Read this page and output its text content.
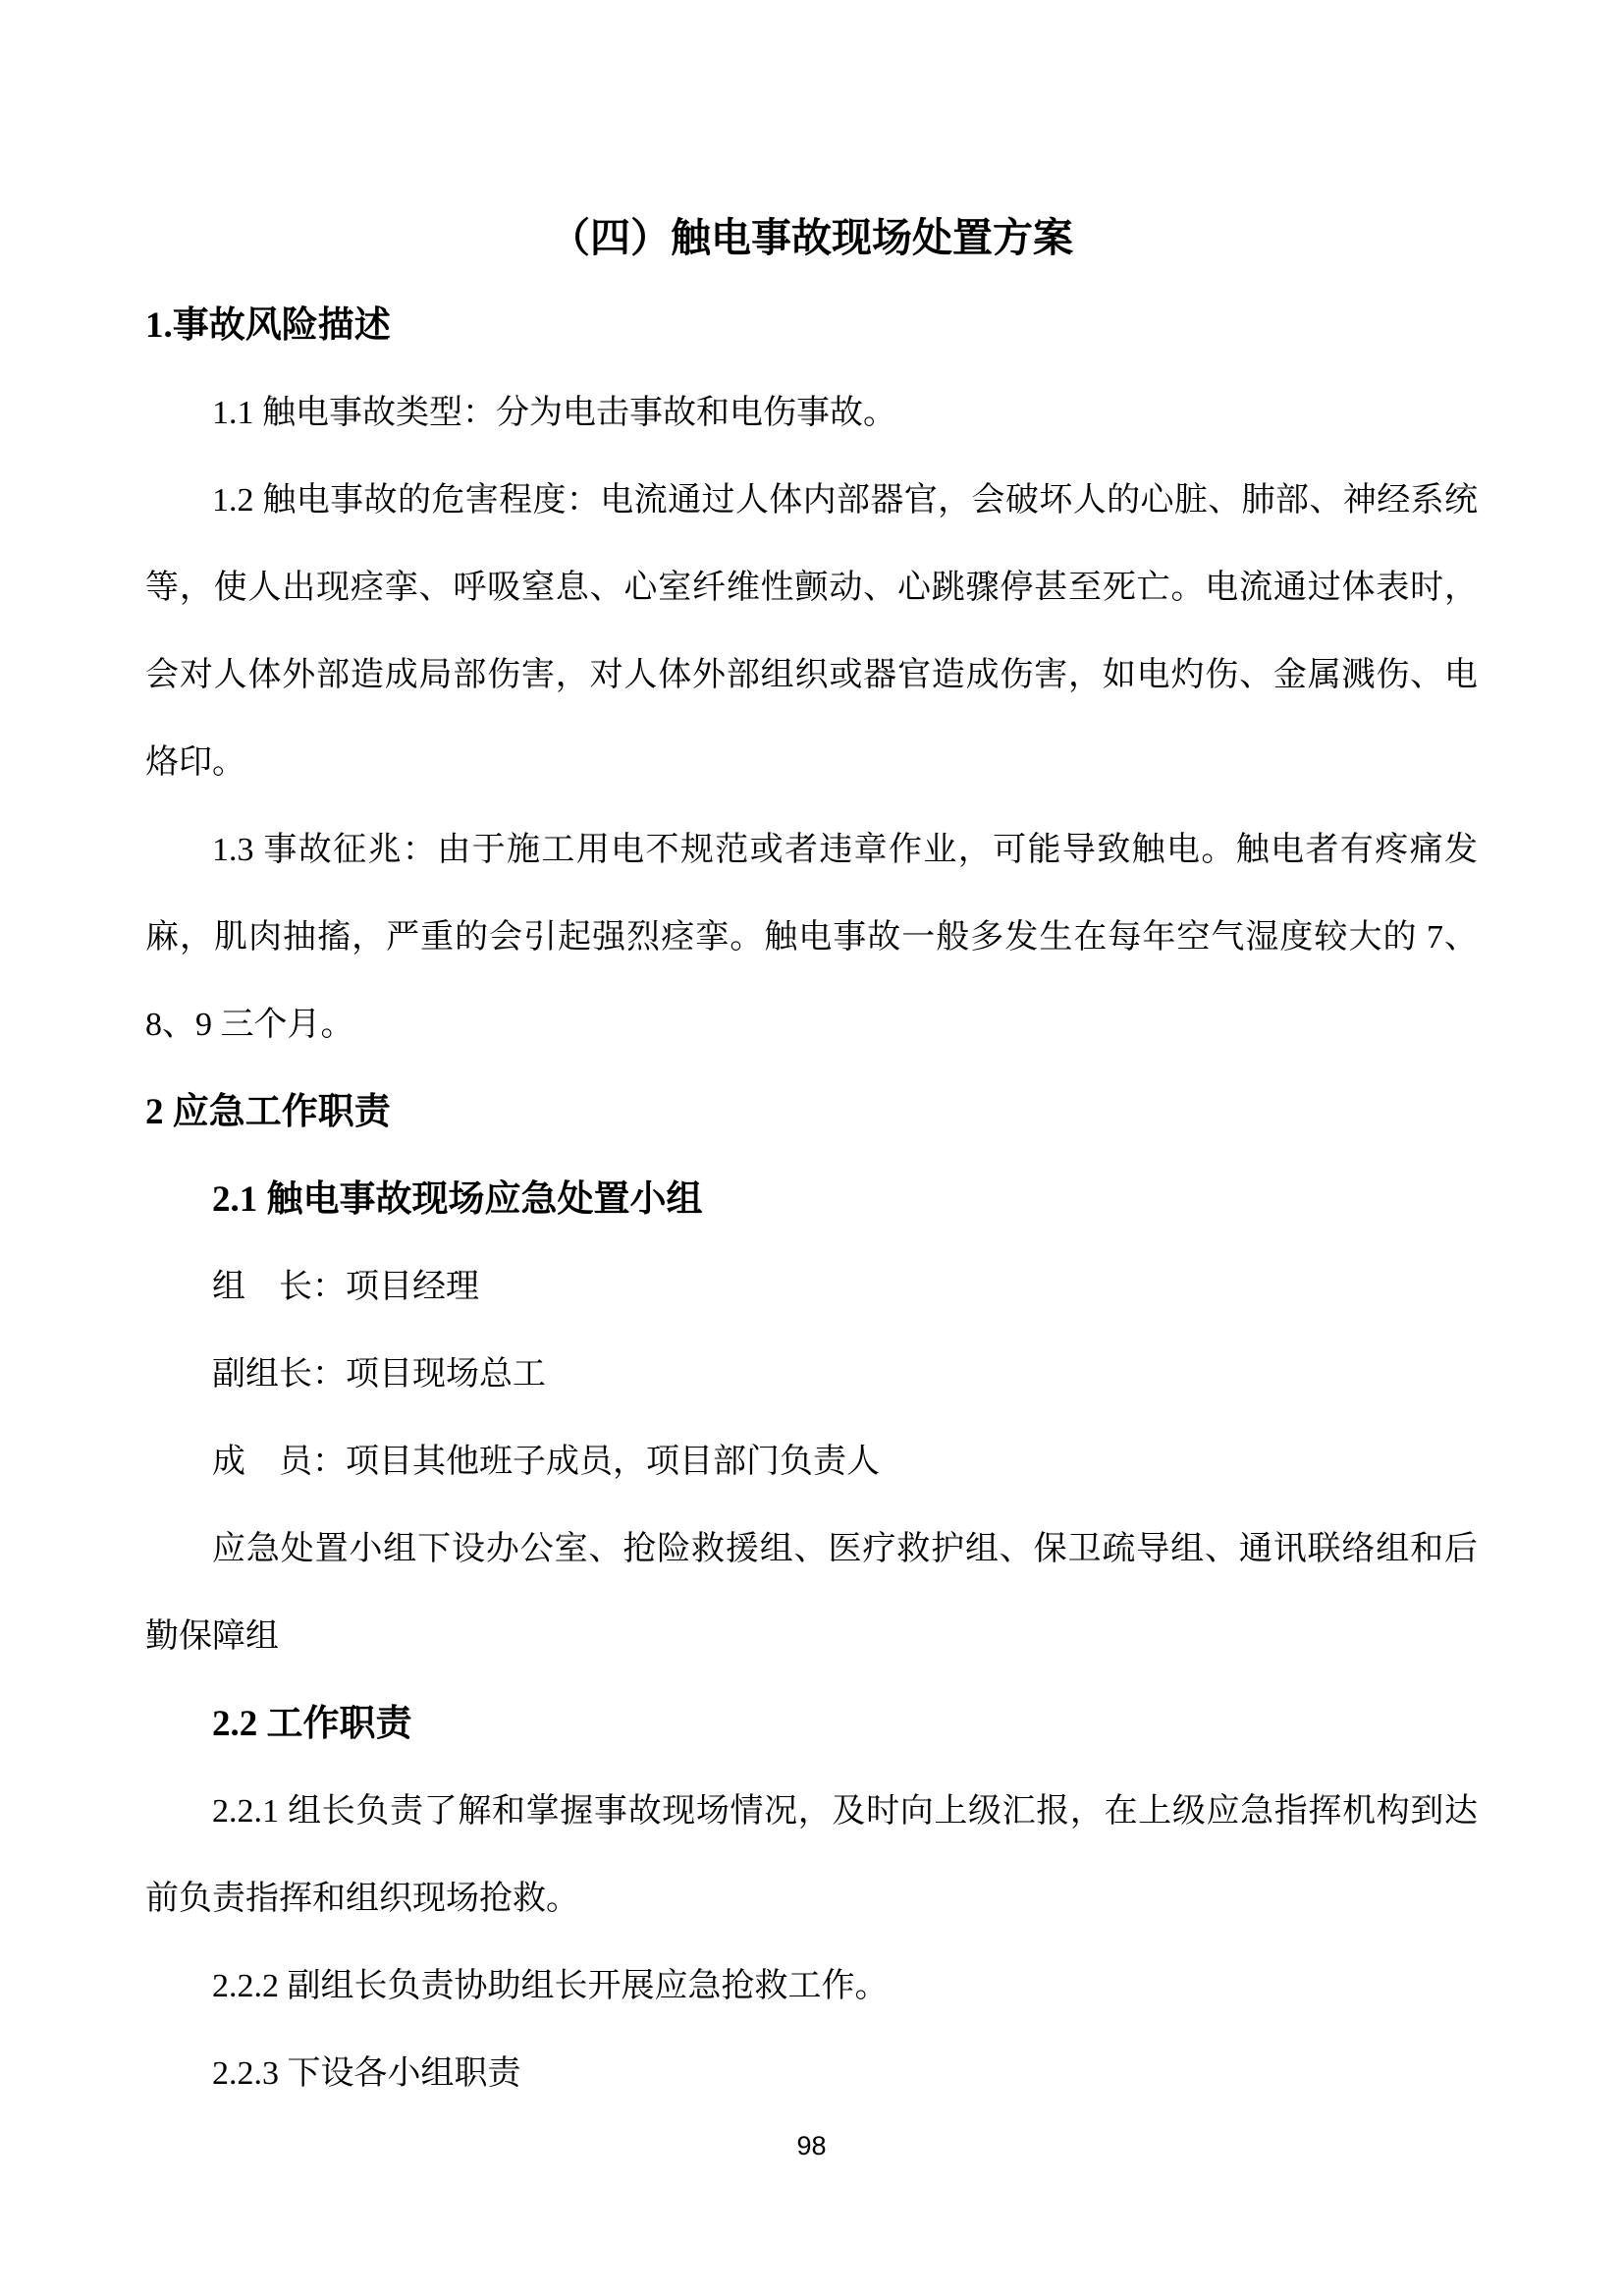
（四）触电事故现场处置方案
1.事故风险描述
1.1 触电事故类型：分为电击事故和电伤事故。
1.2 触电事故的危害程度：电流通过人体内部器官，会破坏人的心脏、肺部、神经系统等，使人出现痉挛、呼吸窒息、心室纤维性颤动、心跳骤停甚至死亡。电流通过体表时，会对人体外部造成局部伤害，对人体外部组织或器官造成伤害，如电灼伤、金属溅伤、电烙印。
1.3 事故征兆：由于施工用电不规范或者违章作业，可能导致触电。触电者有疼痛发麻，肌肉抽搐，严重的会引起强烈痉挛。触电事故一般多发生在每年空气湿度较大的 7、8、9 三个月。
2 应急工作职责
2.1 触电事故现场应急处置小组
组　长：项目经理
副组长：项目现场总工
成　员：项目其他班子成员，项目部门负责人
应急处置小组下设办公室、抢险救援组、医疗救护组、保卫疏导组、通讯联络组和后勤保障组
2.2 工作职责
2.2.1 组长负责了解和掌握事故现场情况，及时向上级汇报，在上级应急指挥机构到达前负责指挥和组织现场抢救。
2.2.2 副组长负责协助组长开展应急抢救工作。
2.2.3 下设各小组职责
98
